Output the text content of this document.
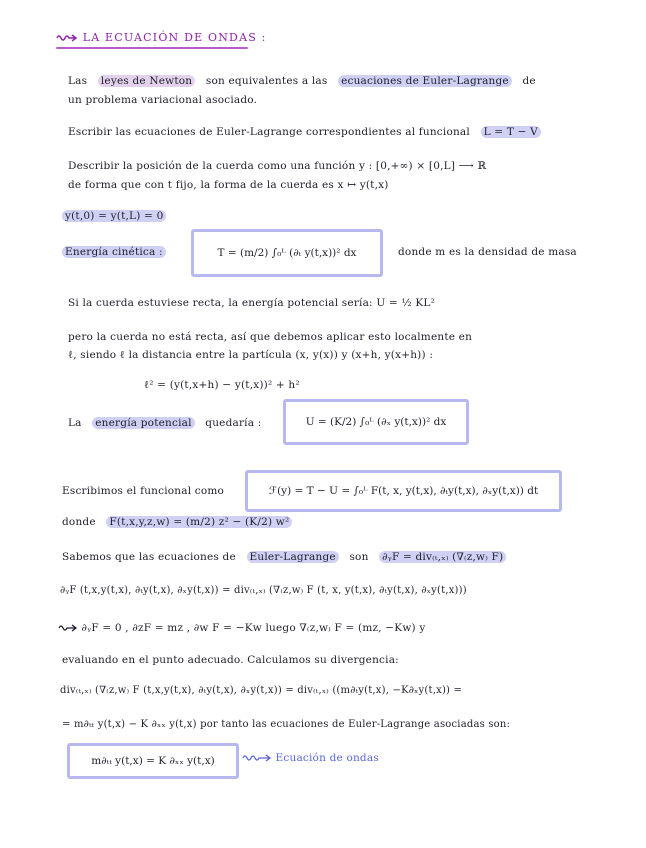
LA ECUACIÓN DE ONDAS :
Las leyes de Newton son equivalentes a las ecuaciones de Euler-Lagrange de
un problema variacional asociado.
Escribir las ecuaciones de Euler-Lagrange correspondientes al funcional L = T − V
Describir la posición de la cuerda como una función y : [0,+∞) × [0,L] ⟶ ℝ
de forma que con t fijo, la forma de la cuerda es x ↦ y(t,x)
y(t,0) = y(t,L) = 0
Energía cinética :	T = (m/2) ∫₀ᴸ (∂ₜ y(t,x))² dx	donde m es la densidad de masa
Si la cuerda estuviese recta, la energía potencial sería: U = ½ KL²
pero la cuerda no está recta, así que debemos aplicar esto localmente en
ℓ, siendo ℓ la distancia entre la partícula (x, y(x)) y (x+h, y(x+h)) :
ℓ² = (y(t,x+h) − y(t,x))² + h²
La energía potencial quedaría :	U = (K/2) ∫₀ᴸ (∂ₓ y(t,x))² dx
Escribimos el funcional como	ℱ(y) = T − U = ∫₀ᴸ F(t, x, y(t,x), ∂ₜy(t,x), ∂ₓy(t,x)) dt
donde F(t,x,y,z,w) = (m/2) z² − (K/2) w²
Sabemos que las ecuaciones de Euler-Lagrange son ∂ᵧF = div₍ₜ,ₓ₎ (∇₍z,w₎ F)
∂ᵧF (t,x,y(t,x), ∂ₜy(t,x), ∂ₓy(t,x)) = div₍ₜ,ₓ₎ (∇₍z,w₎ F (t, x, y(t,x), ∂ₜy(t,x), ∂ₓy(t,x)))
∂ᵧF = 0 , ∂zF = mz , ∂w F = −Kw luego ∇₍z,w₎ F = (mz, −Kw) y
evaluando en el punto adecuado. Calculamos su divergencia:
div₍ₜ,ₓ₎ (∇₍z,w₎ F (t,x,y(t,x), ∂ₜy(t,x), ∂ₓy(t,x)) = div₍ₜ,ₓ₎ ((m∂ₜy(t,x), −K∂ₓy(t,x)) =
= m∂ₜₜ y(t,x) − K ∂ₓₓ y(t,x) por tanto las ecuaciones de Euler-Lagrange asociadas son:
m∂ₜₜ y(t,x) = K ∂ₓₓ y(t,x)	Ecuación de ondas
